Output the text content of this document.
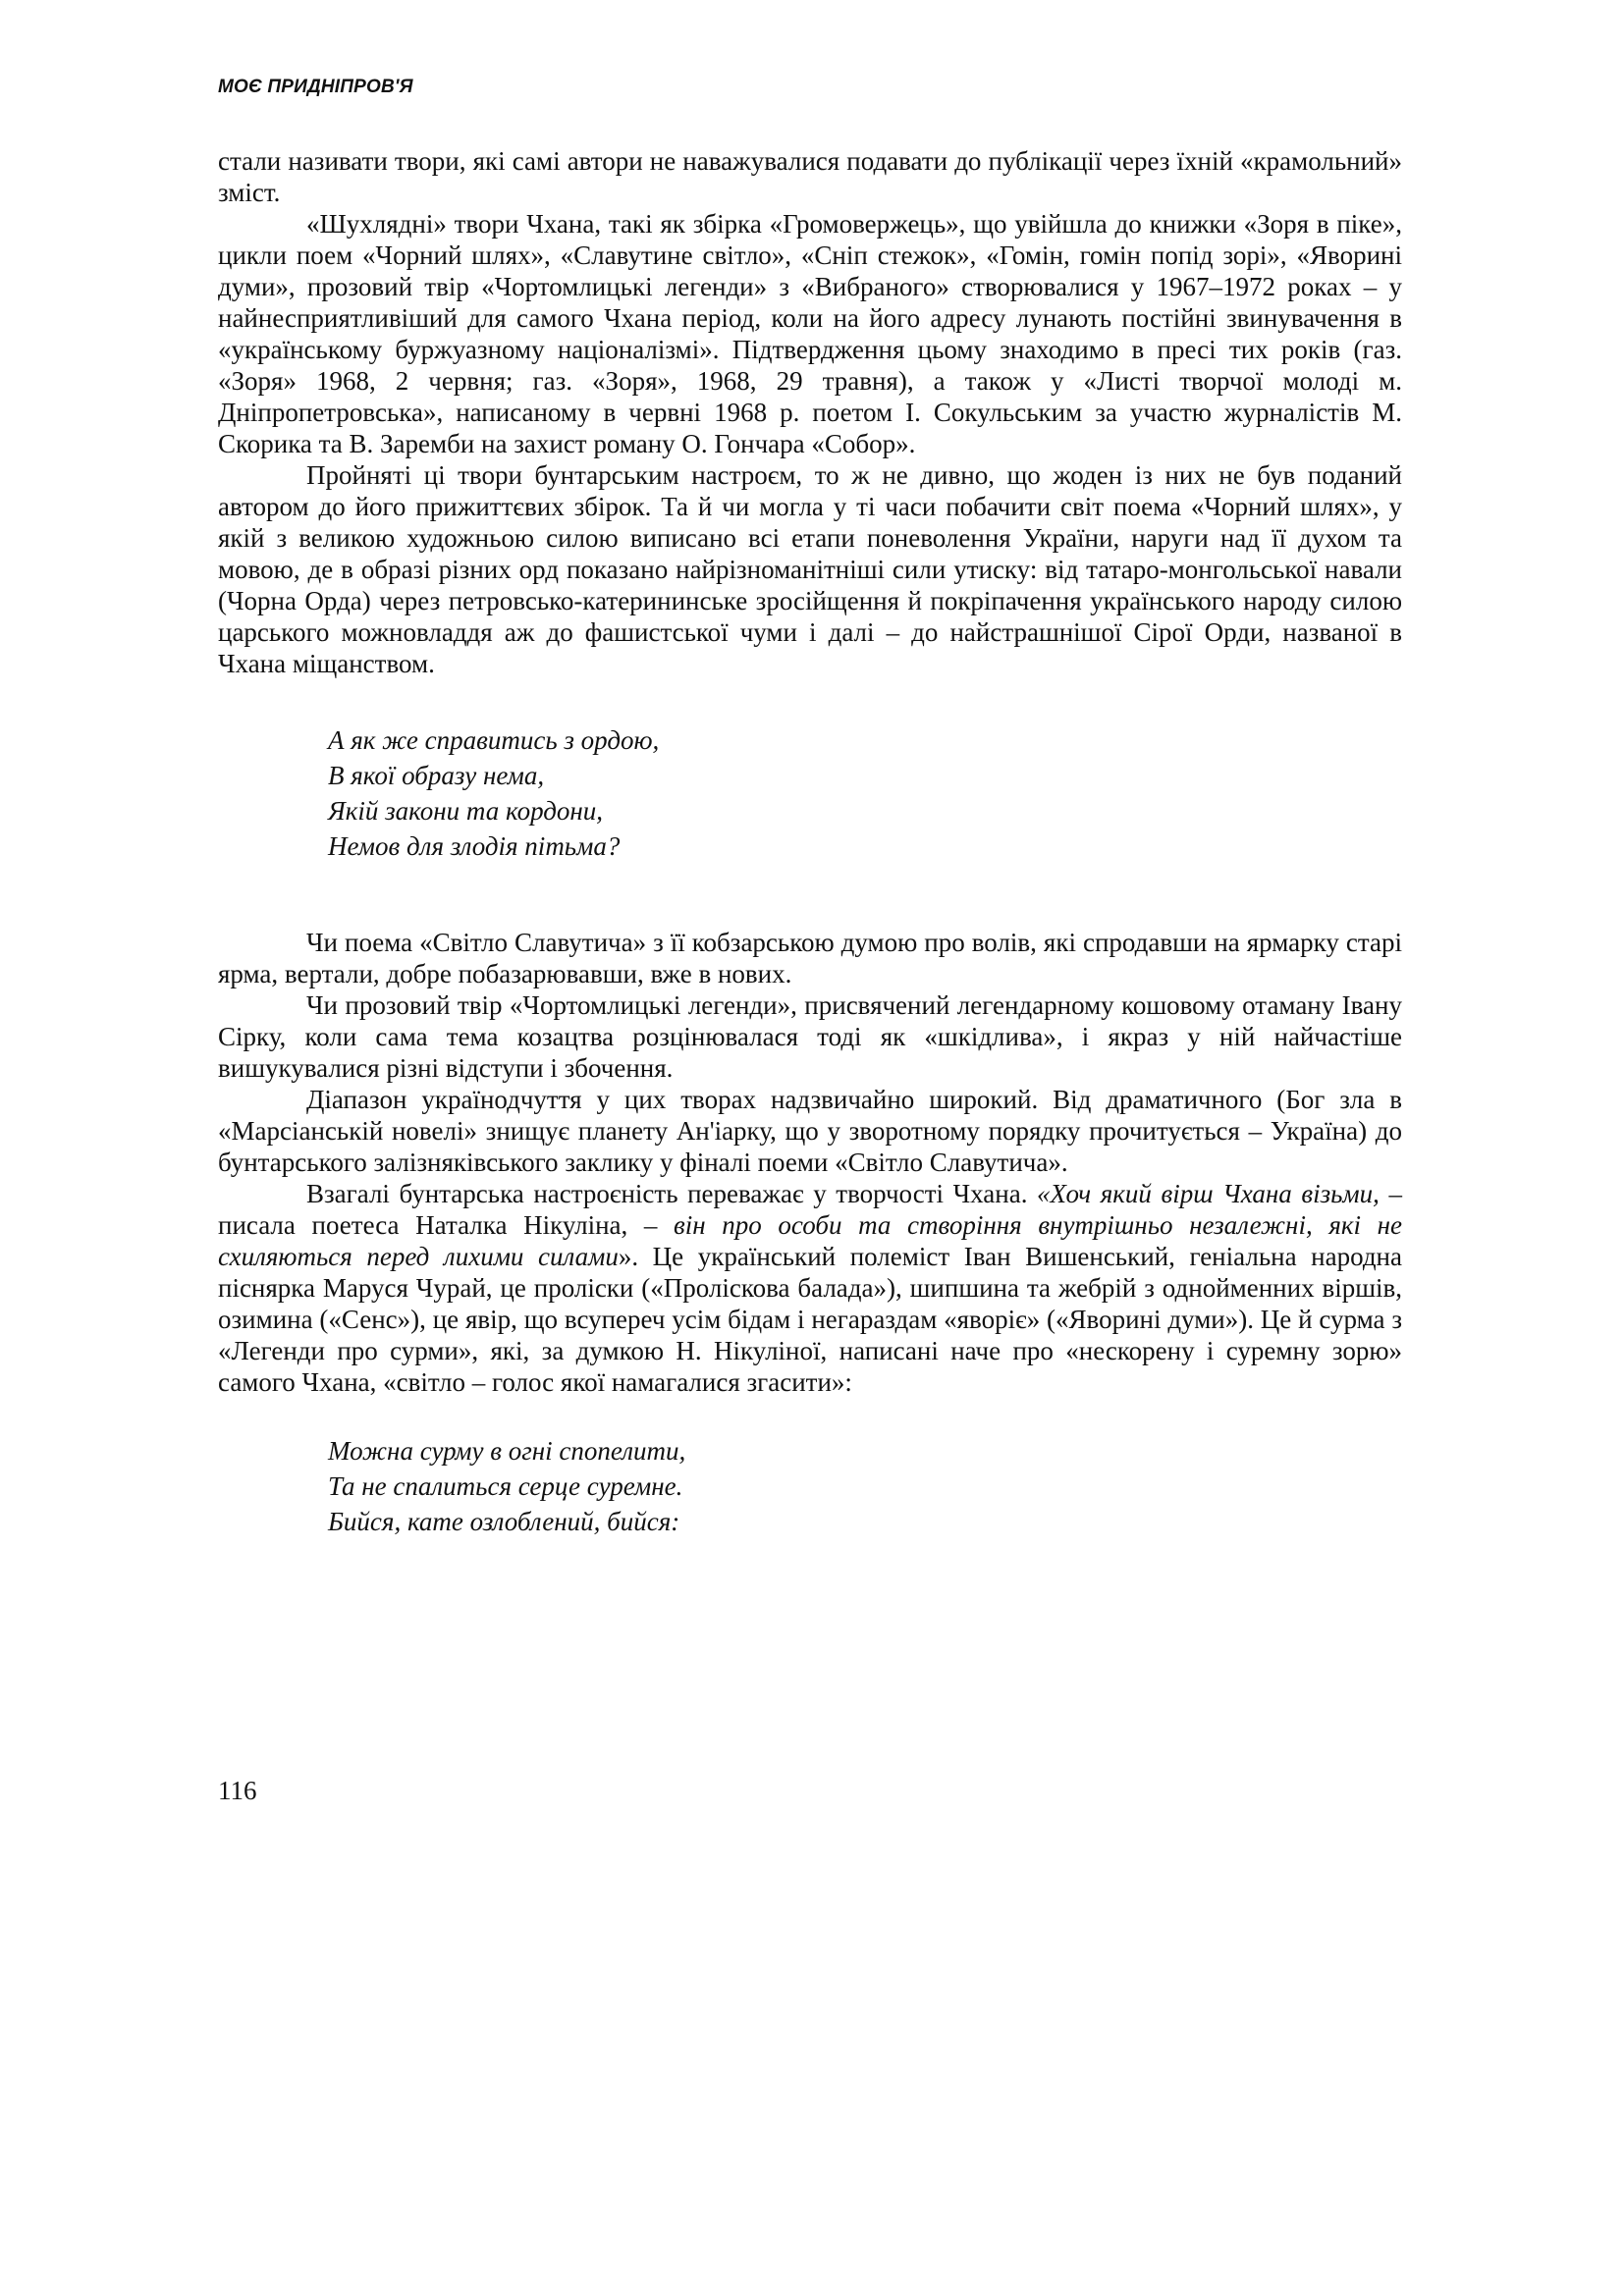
МОЄ ПРИДНІПРОВ'Я

стали називати твори, які самі автори не наважувалися подавати до публікації через їхній «крамольний» зміст.

«Шухлядні» твори Чхана, такі як збірка «Громовержець», що увійшла до книжки «Зоря в піке», цикли поем «Чорний шлях», «Славутине світло», «Сніп стежок», «Гомін, гомін попід зорі», «Яворині думи», прозовий твір «Чортомлицькі легенди» з «Вибраного» створювалися у 1967–1972 роках – у найнесприятливіший для самого Чхана період, коли на його адресу лунають постійні звинувачення в «українському буржуазному націоналізмі». Підтвердження цьому знаходимо в пресі тих років (газ. «Зоря» 1968, 2 червня; газ. «Зоря», 1968, 29 травня), а також у «Листі творчої молоді м. Дніпропетровська», написаному в червні 1968 р. поетом І. Сокульським за участю журналістів М. Скорика та В. Заремби на захист роману О. Гончара «Собор».

Пройняті ці твори бунтарським настроєм, то ж не дивно, що жоден із них не був поданий автором до його прижиттєвих збірок. Та й чи могла у ті часи побачити світ поема «Чорний шлях», у якій з великою художньою силою виписано всі етапи поневолення України, наруги над її духом та мовою, де в образі різних орд показано найрізноманітніші сили утиску: від татаро-монгольської навали (Чорна Орда) через петровсько-катерининське зросійщення й покріпачення українського народу силою царського можновладдя аж до фашистської чуми і далі – до найстрашнішої Сірої Орди, названої в Чхана міщанством.

А як же справитись з ордою,
В якої образу нема,
Якій закони та кордони,
Немов для злодія пітьма?

Чи поема «Світло Славутича» з її кобзарською думою про волів, які спродавши на ярмарку старі ярма, вертали, добре побазарювавши, вже в нових.

Чи прозовий твір «Чортомлицькі легенди», присвячений легендарному кошовому отаману Івану Сірку, коли сама тема козацтва розцінювалася тоді як «шкідлива», і якраз у ній найчастіше вишукувалися різні відступи і збочення.

Діапазон українодчуття у цих творах надзвичайно широкий. Від драматичного (Бог зла в «Марсіанській новелі» знищує планету Ан'іарку, що у зворотному порядку прочитується – Україна) до бунтарського залізняківського заклику у фіналі поеми «Світло Славутича».

Взагалі бунтарська настроєність переважає у творчості Чхана. «Хоч який вірш Чхана візьми, – писала поетеса Наталка Нікуліна, – він про особи та створіння внутрішньо незалежні, які не схиляються перед лихими силами». Це український полеміст Іван Вишенський, геніальна народна піснярка Маруся Чурай, це проліски («Пролiскова балада»), шипшина та жебрій з однойменних віршів, озимина («Сенс»), це явір, що всупереч усім бідам і негараздам «яворіє» («Яворині думи»). Це й сурма з «Легенди про сурми», які, за думкою Н. Нікуліної, написані наче про «нескорену і суремну зорю» самого Чхана, «світло – голос якої намагалися згасити»:

Можна сурму в огні спопелити,
Та не спалиться серце суремне.
Бийся, кате озлоблений, бийся:
116
